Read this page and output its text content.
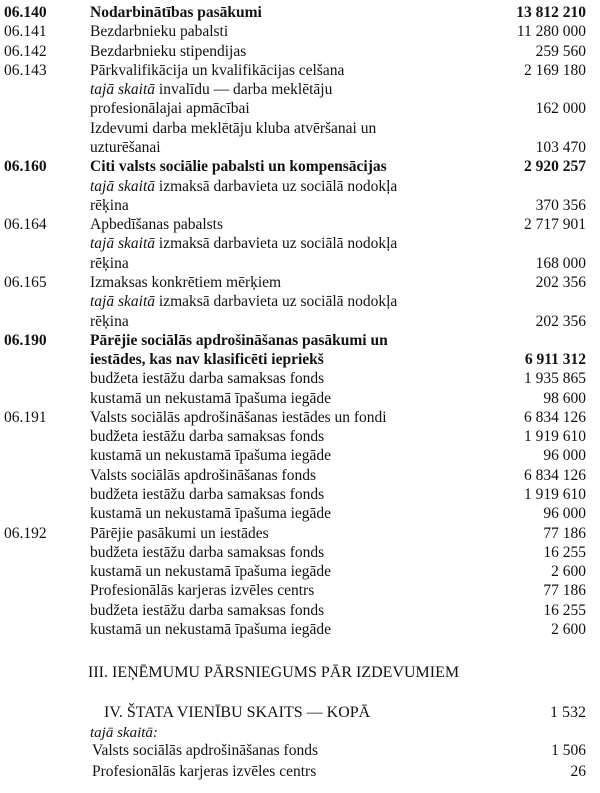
06.140	Nodarbinātības pasākumi	13 812 210
06.141	Bezdarbnieku pabalsti	11 280 000
06.142	Bezdarbnieku stipendijas	259 560
06.143	Pārkvalifikācija un kvalifikācijas celšana	2 169 180
tajā skaitā invalīdu — darba meklētāju
profesionālajai apmācībai	162 000
Izdevumi darba meklētāju kluba atvēršanai un
uzturēšanai	103 470
06.160	Citi valsts sociālie pabalsti un kompensācijas	2 920 257
tajā skaitā izmaksā darbavieta uz sociālā nodokļa
rēķina	370 356
06.164	Apbedīšanas pabalsts	2 717 901
tajā skaitā izmaksā darbavieta uz sociālā nodokļa
rēķina	168 000
06.165	Izmaksas konkrētiem mērķiem	202 356
tajā skaitā izmaksā darbavieta uz sociālā nodokļa
rēķina	202 356
06.190	Pārējie sociālās apdrošināšanas pasākumi un
iestādes, kas nav klasificēti iepriekš	6 911 312
budžeta iestāžu darba samaksas fonds	1 935 865
kustamā un nekustamā īpašuma iegāde	98 600
06.191	Valsts sociālās apdrošināšanas iestādes un fondi	6 834 126
budžeta iestāžu darba samaksas fonds	1 919 610
kustamā un nekustamā īpašuma iegāde	96 000
Valsts sociālās apdrošināšanas fonds	6 834 126
budžeta iestāžu darba samaksas fonds	1 919 610
kustamā un nekustamā īpašuma iegāde	96 000
06.192	Pārējie pasākumi un iestādes	77 186
budžeta iestāžu darba samaksas fonds	16 255
kustamā un nekustamā īpašuma iegāde	2 600
Profesionālās karjeras izvēles centrs	77 186
budžeta iestāžu darba samaksas fonds	16 255
kustamā un nekustamā īpašuma iegāde	2 600
III. IEŅĒMUMU PĀRSNIEGUMS PĀR IZDEVUMIEM
IV. ŠTATA VIENĪBU SKAITS — KOPĀ	1 532
tajā skaitā:
Valsts sociālās apdrošināšanas fonds	1 506
Profesionālās karjeras izvēles centrs	26
